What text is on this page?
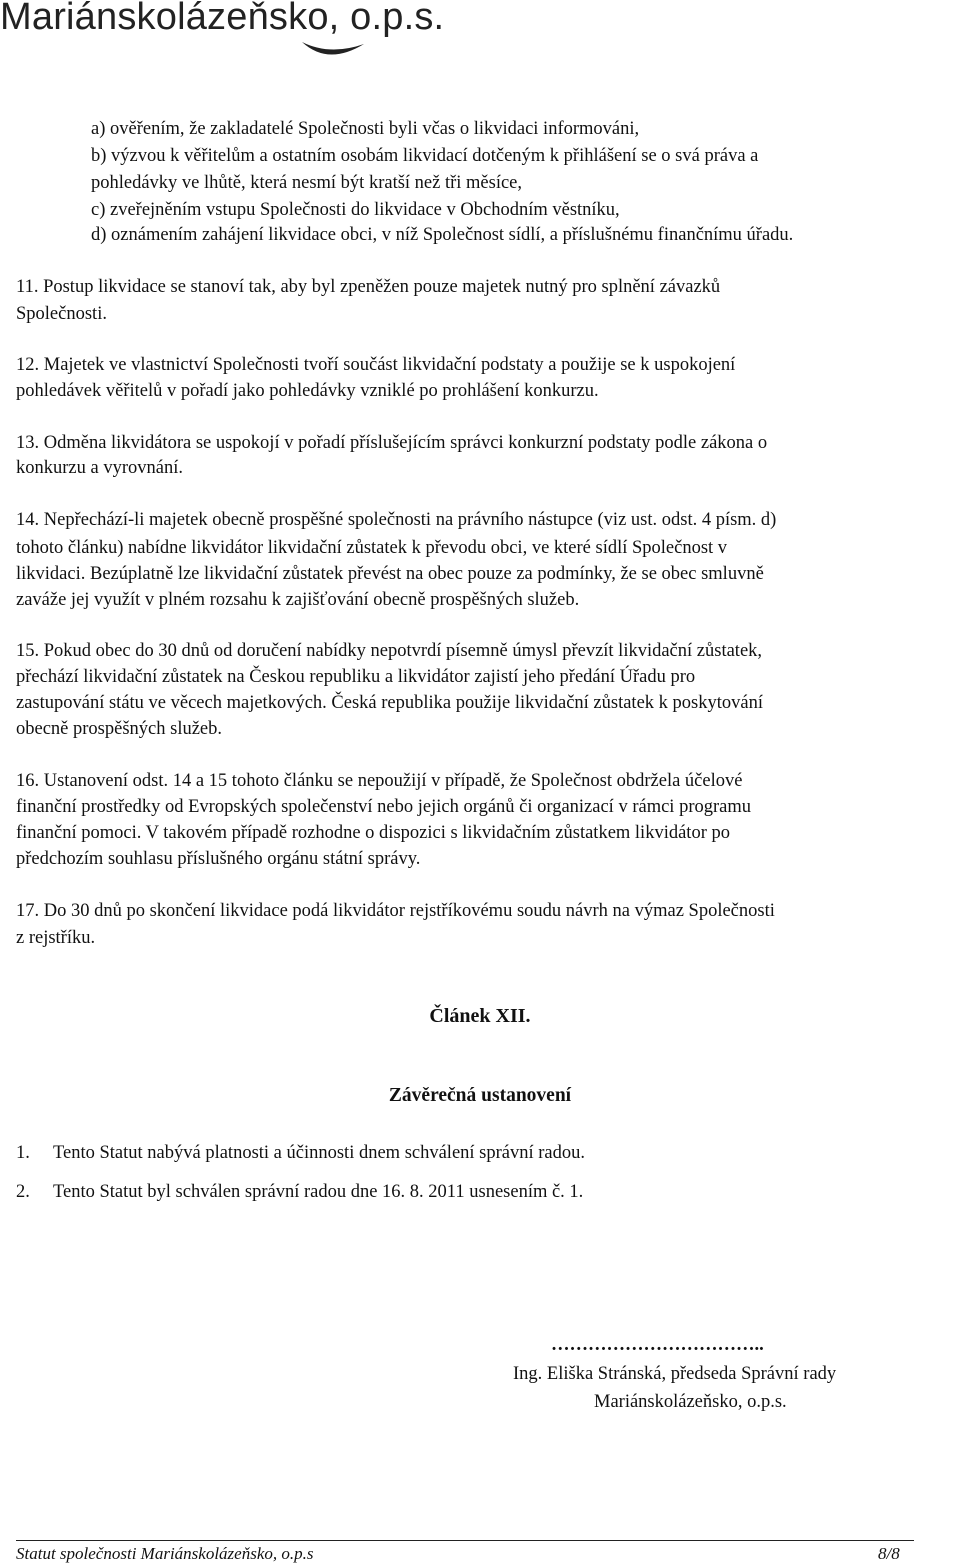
Mariánskolázeňsko, o.p.s.
a) ověřením, že zakladatelé Společnosti byli včas o likvidaci informováni,
b) výzvou k věřitelům a ostatním osobám likvidací dotčeným k přihlášení se o svá práva a
pohledávky ve lhůtě, která nesmí být kratší než tři měsíce,
c) zveřejněním vstupu Společnosti do likvidace v Obchodním věstníku,
d) oznámením zahájení likvidace obci, v níž Společnost sídlí, a příslušnému finančnímu úřadu.
11. Postup likvidace se stanoví tak, aby byl zpeněžen pouze majetek nutný pro splnění závazků
Společnosti.
12. Majetek ve vlastnictví Společnosti tvoří součást likvidační podstaty a použije se k uspokojení
pohledávek věřitelů v pořadí jako pohledávky vzniklé po prohlášení konkurzu.
13. Odměna likvidátora se uspokojí v pořadí příslušejícím správci konkurzní podstaty podle zákona o
konkurzu a vyrovnání.
14. Nepřechází-li majetek obecně prospěšné společnosti na právního nástupce (viz ust. odst. 4 písm. d)
tohoto článku) nabídne likvidátor likvidační zůstatek k převodu obci, ve které sídlí Společnost v
likvidaci. Bezúplatně lze likvidační zůstatek převést na obec pouze za podmínky, že se obec smluvně
zaváže jej využít v plném rozsahu k zajišťování obecně prospěšných služeb.
15. Pokud obec do 30 dnů od doručení nabídky nepotvrdí písemně úmysl převzít likvidační zůstatek,
přechází likvidační zůstatek na Českou republiku a likvidátor zajistí jeho předání Úřadu pro
zastupování státu ve věcech majetkových. Česká republika použije likvidační zůstatek k poskytování
obecně prospěšných služeb.
16. Ustanovení odst. 14 a 15 tohoto článku se nepoužijí v případě, že Společnost obdržela účelové
finanční prostředky od Evropských společenství nebo jejich orgánů či organizací v rámci programu
finanční pomoci. V takovém případě rozhodne o dispozici s likvidačním zůstatkem likvidátor po
předchozím souhlasu příslušného orgánu státní správy.
17. Do 30 dnů po skončení likvidace podá likvidátor rejstříkovému soudu návrh na výmaz Společnosti
z rejstříku.
Článek XII.
Závěrečná ustanovení
1. Tento Statut nabývá platnosti a účinnosti dnem schválení správní radou.
2. Tento Statut byl schválen správní radou dne 16. 8. 2011 usnesením č. 1.
……………………………..
Ing. Eliška Stránská, předseda Správní rady
Mariánskolázeňsko, o.p.s.
Statut společnosti Mariánskolázeňsko, o.p.s	8/8
